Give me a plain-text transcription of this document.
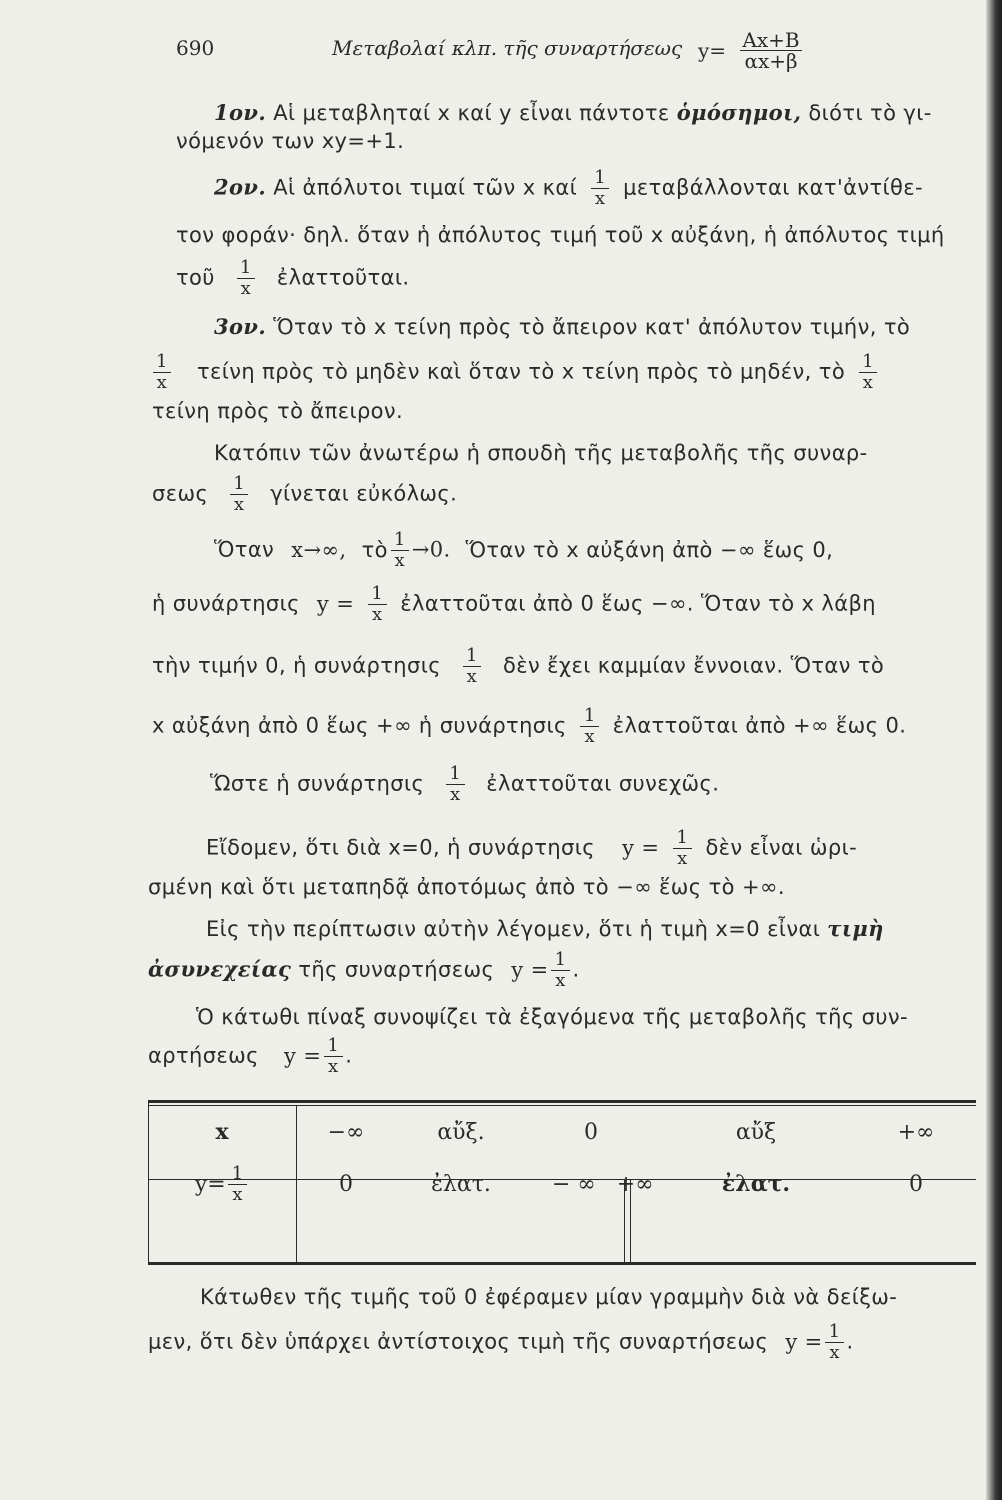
690	Μεταβολαί κλπ. τῆς συναρτήσεως $y= \frac{Ax+B}{\alpha x+\beta}$
1ον. Αἱ μεταβληταί x καί y εἶναι πάντοτε ὁμόσημοι, διότι τὸ γι-
νόμενόν των xy=+1.
2ον. Αἱ ἀπόλυτοι τιμαί τῶν x καί $\frac{1}{x}$ μεταβάλλονται κατ'ἀντίθε-
τον φοράν· δηλ. ὅταν ἡ ἀπόλυτος τιμή τοῦ x αὐξάνη, ἡ ἀπόλυτος τιμή
τοῦ $\frac{1}{x}$ ἐλαττοῦται.
3ον. Ὅταν τὸ x τείνη πρὸς τὸ ἄπειρον κατ' ἀπόλυτον τιμήν, τὸ
$\frac{1}{x}$ τείνη πρὸς τὸ μηδὲν καὶ ὅταν τὸ x τείνη πρὸς τὸ μηδέν, τὸ $\frac{1}{x}$
τείνη πρὸς τὸ ἄπειρον.
Κατόπιν τῶν ἀνωτέρω ἡ σπουδὴ τῆς μεταβολῆς τῆς συναρ-
σεως $\frac{1}{x}$ γίνεται εὐκόλως.
Ὅταν x→∞, τὸ $\frac{1}{x} \to 0$. Ὅταν τὸ x αὐξάνη ἀπὸ −∞ ἕως 0,
ἡ συνάρτησις $y = \frac{1}{x}$ ἐλαττοῦται ἀπὸ 0 ἕως −∞. Ὅταν τὸ x λάβη
τὴν τιμήν 0, ἡ συνάρτησις $\frac{1}{x}$ δὲν ἔχει καμμίαν ἔννοιαν. Ὅταν τὸ
x αὐξάνη ἀπὸ 0 ἕως +∞ ἡ συνάρτησις $\frac{1}{x}$ ἐλαττοῦται ἀπὸ +∞ ἕως 0.
Ὥστε ἡ συνάρτησις $\frac{1}{x}$ ἐλαττοῦται συνεχῶς.
Εἴδομεν, ὅτι διὰ x=0, ἡ συνάρτησις $y = \frac{1}{x}$ δὲν εἶναι ὡρι-
σμένη καὶ ὅτι μεταπηδᾷ ἀποτόμως ἀπὸ τὸ −∞ ἕως τὸ +∞.
Εἰς τὴν περίπτωσιν αὐτὴν λέγομεν, ὅτι ἡ τιμὴ x=0 εἶναι τιμὴ
ἀσυνεχείας τῆς συναρτήσεως $y = \frac{1}{x}$ .
Ὁ κάτωθι πίναξ συνοψίζει τὰ ἐξαγόμενα τῆς μεταβολῆς τῆς συν-
αρτήσεως $y = \frac{1}{x}$ .
x	−∞	αὔξ.	0	αὔξ	+∞
$y= \frac{1}{x}$	0	ἐλατ.	− ∞ +∞	ἐλατ.	0
Κάτωθεν τῆς τιμῆς τοῦ 0 ἐφέραμεν μίαν γραμμὴν διὰ νὰ δείξω-
μεν, ὅτι δὲν ὑπάρχει ἀντίστοιχος τιμὴ τῆς συναρτήσεως $y = \frac{1}{x}$ .
